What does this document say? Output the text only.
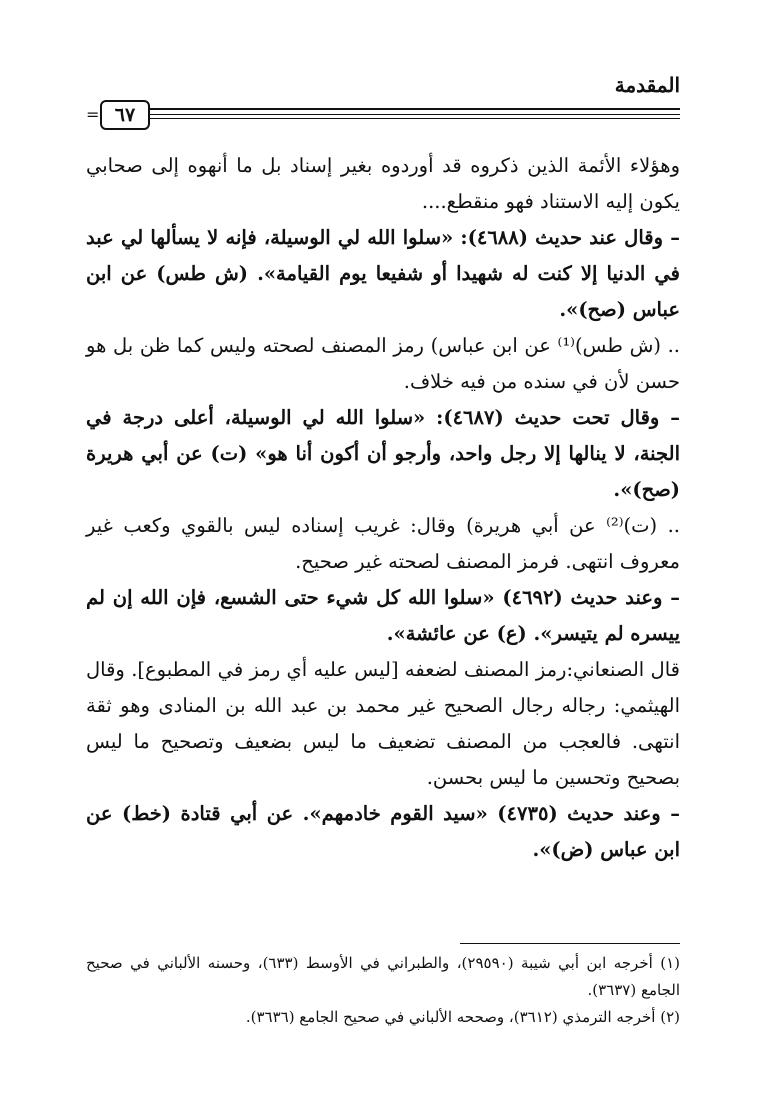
المقدمة
= ٦٧

وهؤلاء الأئمة الذين ذكروه قد أوردوه بغير إسناد بل ما أنهوه إلى صحابي يكون إليه الاستناد فهو منقطع....

– وقال عند حديث (٤٦٨٨): «سلوا الله لي الوسيلة، فإنه لا يسألها لي عبد في الدنيا إلا كنت له شهيدا أو شفيعا يوم القيامة». (ش طس) عن ابن عباس (صح)».

.. (ش طس)⁽¹⁾ عن ابن عباس) رمز المصنف لصحته وليس كما ظن بل هو حسن لأن في سنده من فيه خلاف.

– وقال تحت حديث (٤٦٨٧): «سلوا الله لي الوسيلة، أعلى درجة في الجنة، لا ينالها إلا رجل واحد، وأرجو أن أكون أنا هو» (ت) عن أبي هريرة (صح)».

.. (ت)⁽²⁾ عن أبي هريرة) وقال: غريب إسناده ليس بالقوي وكعب غير معروف انتهى. فرمز المصنف لصحته غير صحيح.

– وعند حديث (٤٦٩٢) «سلوا الله كل شيء حتى الشسع، فإن الله إن لم ييسره لم يتيسر». (ع) عن عائشة».

قال الصنعاني:رمز المصنف لضعفه [ليس عليه أي رمز في المطبوع]. وقال الهيثمي: رجاله رجال الصحيح غير محمد بن عبد الله بن المنادى وهو ثقة انتهى. فالعجب من المصنف تضعيف ما ليس بضعيف وتصحيح ما ليس بصحيح وتحسين ما ليس بحسن.

– وعند حديث (٤٧٣٥) «سيد القوم خادمهم». عن أبي قتادة (خط) عن ابن عباس (ض)».

(١) أخرجه ابن أبي شيبة (٢٩٥٩٠)، والطبراني في الأوسط (٦٣٣)، وحسنه الألباني في صحيح الجامع (٣٦٣٧).

(٢) أخرجه الترمذي (٣٦١٢)، وصححه الألباني في صحيح الجامع (٣٦٣٦).
